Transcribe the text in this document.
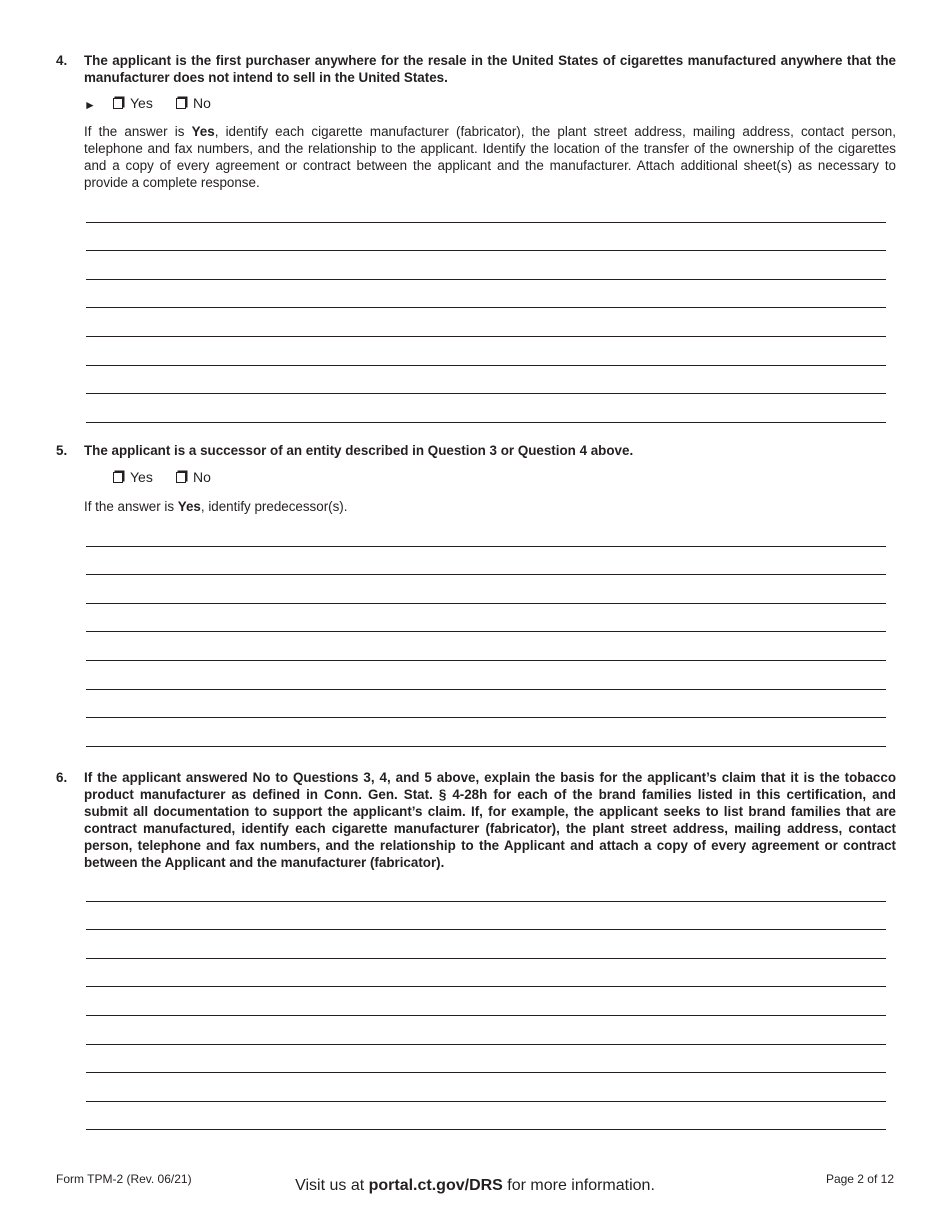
4. The applicant is the first purchaser anywhere for the resale in the United States of cigarettes manufactured anywhere that the manufacturer does not intend to sell in the United States.
► Yes	No
If the answer is Yes, identify each cigarette manufacturer (fabricator), the plant street address, mailing address, contact person, telephone and fax numbers, and the relationship to the applicant. Identify the location of the transfer of the ownership of the cigarettes and a copy of every agreement or contract between the applicant and the manufacturer. Attach additional sheet(s) as necessary to provide a complete response.
5. The applicant is a successor of an entity described in Question 3 or Question 4 above.
Yes	No
If the answer is Yes, identify predecessor(s).
6. If the applicant answered No to Questions 3, 4, and 5 above, explain the basis for the applicant’s claim that it is the tobacco product manufacturer as defined in Conn. Gen. Stat. § 4-28h for each of the brand families listed in this certification, and submit all documentation to support the applicant’s claim. If, for example, the applicant seeks to list brand families that are contract manufactured, identify each cigarette manufacturer (fabricator), the plant street address, mailing address, contact person, telephone and fax numbers, and the relationship to the Applicant and attach a copy of every agreement or contract between the Applicant and the manufacturer (fabricator).
Form TPM-2 (Rev. 06/21)	Visit us at portal.ct.gov/DRS for more information.	Page 2 of 12
